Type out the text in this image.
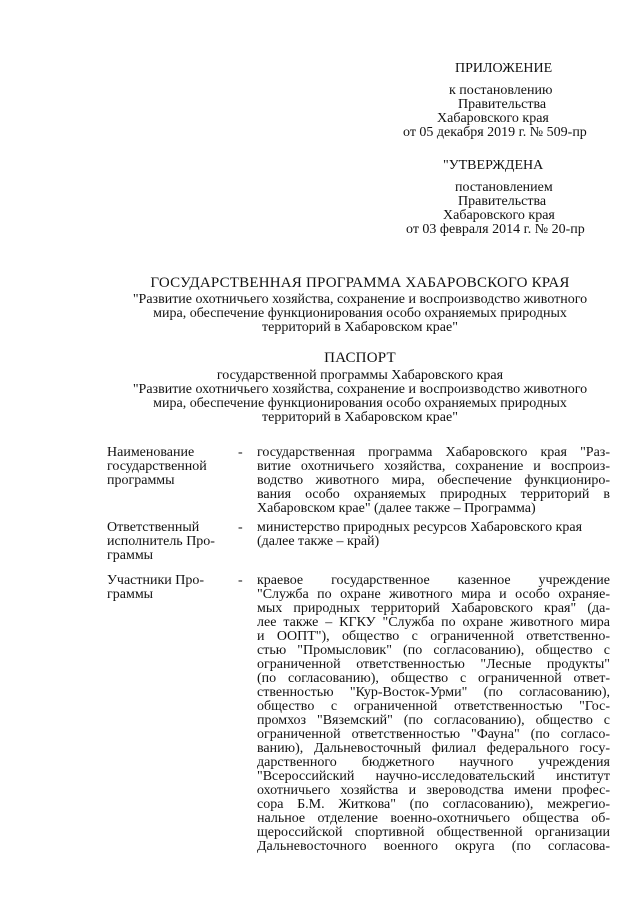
ПРИЛОЖЕНИЕ
к постановлению
Правительства
Хабаровского края
от 05 декабря 2019 г. № 509-пр
"УТВЕРЖДЕНА
постановлением
Правительства
Хабаровского края
от 03 февраля 2014 г. № 20-пр
ГОСУДАРСТВЕННАЯ ПРОГРАММА ХАБАРОВСКОГО КРАЯ
"Развитие охотничьего хозяйства, сохранение и воспроизводство животного
мира, обеспечение функционирования особо охраняемых природных
территорий в Хабаровском крае"
ПАСПОРТ
государственной программы Хабаровского края
"Развитие охотничьего хозяйства, сохранение и воспроизводство животного
мира, обеспечение функционирования особо охраняемых природных
территорий в Хабаровском крае"
Наименование
государственной
программы
- государственная программа Хабаровского края "Раз-
витие охотничьего хозяйства, сохранение и воспроиз-
водство животного мира, обеспечение функциониро-
вания особо охраняемых природных территорий в
Хабаровском крае" (далее также – Программа)
Ответственный
исполнитель Про-
граммы
- министерство природных ресурсов Хабаровского края
(далее также – край)
Участники Про-
граммы
- краевое государственное казенное учреждение
"Служба по охране животного мира и особо охраняе-
мых природных территорий Хабаровского края" (да-
лее также – КГКУ "Служба по охране животного мира
и ООПТ"), общество с ограниченной ответственно-
стью "Промысловик" (по согласованию), общество с
ограниченной ответственностью "Лесные продукты"
(по согласованию), общество с ограниченной ответ-
ственностью "Кур-Восток-Урми" (по согласованию),
общество с ограниченной ответственностью "Гос-
промхоз "Вяземский" (по согласованию), общество с
ограниченной ответственностью "Фауна" (по согласо-
ванию), Дальневосточный филиал федерального госу-
дарственного бюджетного научного учреждения
"Всероссийский научно-исследовательский институт
охотничьего хозяйства и звероводства имени профес-
сора Б.М. Житкова" (по согласованию), межрегио-
нальное отделение военно-охотничьего общества об-
щероссийской спортивной общественной организации
Дальневосточного военного округа (по согласова-
